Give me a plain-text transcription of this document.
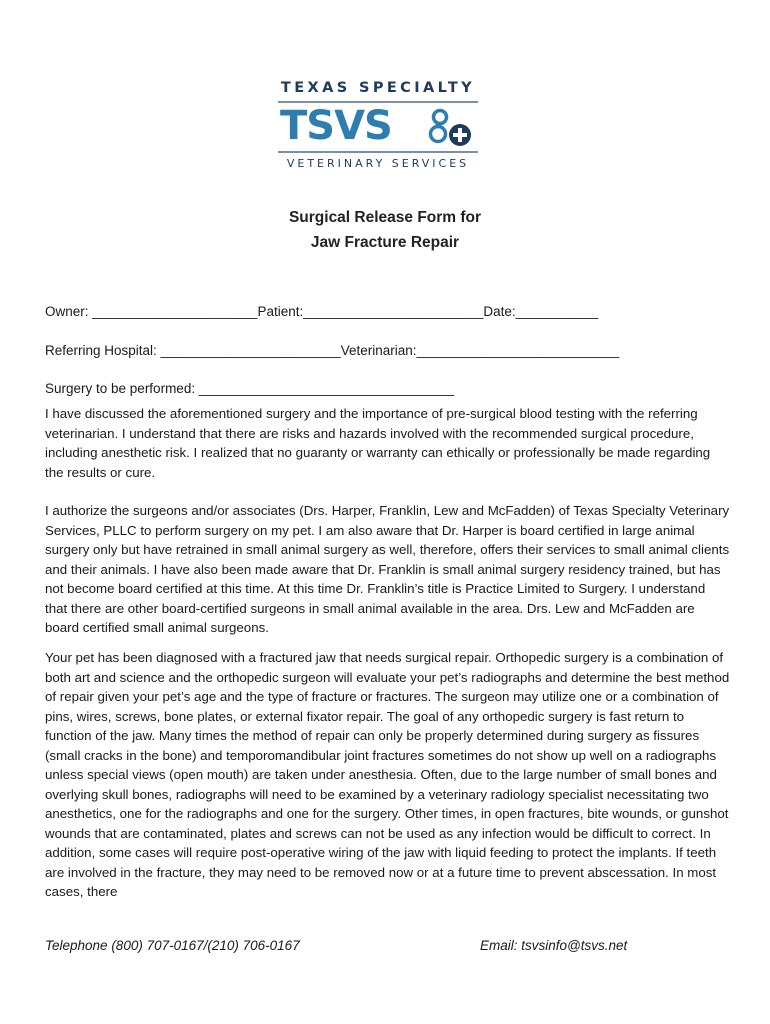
TEXAS SPECIALTY
TSVS
VETERINARY SERVICES
Surgical Release Form for
Jaw Fracture Repair
Owner: ______________________Patient:________________________Date:___________
Referring Hospital: ________________________Veterinarian:___________________________
Surgery to be performed: __________________________________

I have discussed the aforementioned surgery and the importance of pre-surgical blood testing with the referring veterinarian. I understand that there are risks and hazards involved with the recommended surgical procedure, including anesthetic risk. I realized that no guaranty or warranty can ethically or professionally be made regarding the results or cure.

I authorize the surgeons and/or associates (Drs. Harper, Franklin, Lew and McFadden) of Texas Specialty Veterinary Services, PLLC to perform surgery on my pet. I am also aware that Dr. Harper is board certified in large animal surgery only but have retrained in small animal surgery as well, therefore, offers their services to small animal clients and their animals. I have also been made aware that Dr. Franklin is small animal surgery residency trained, but has not become board certified at this time. At this time Dr. Franklin’s title is Practice Limited to Surgery. I understand that there are other board-certified surgeons in small animal available in the area. Drs. Lew and McFadden are board certified small animal surgeons.

Your pet has been diagnosed with a fractured jaw that needs surgical repair. Orthopedic surgery is a combination of both art and science and the orthopedic surgeon will evaluate your pet’s radiographs and determine the best method of repair given your pet’s age and the type of fracture or fractures. The surgeon may utilize one or a combination of pins, wires, screws, bone plates, or external fixator repair. The goal of any orthopedic surgery is fast return to function of the jaw. Many times the method of repair can only be properly determined during surgery as fissures (small cracks in the bone) and temporomandibular joint fractures sometimes do not show up well on a radiographs unless special views (open mouth) are taken under anesthesia. Often, due to the large number of small bones and overlying skull bones, radiographs will need to be examined by a veterinary radiology specialist necessitating two anesthetics, one for the radiographs and one for the surgery. Other times, in open fractures, bite wounds, or gunshot wounds that are contaminated, plates and screws can not be used as any infection would be difficult to correct. In addition, some cases will require post-operative wiring of the jaw with liquid feeding to protect the implants. If teeth are involved in the fracture, they may need to be removed now or at a future time to prevent abscessation. In most cases, there

Telephone (800) 707-0167/(210) 706-0167	Email: tsvsinfo@tsvs.net
